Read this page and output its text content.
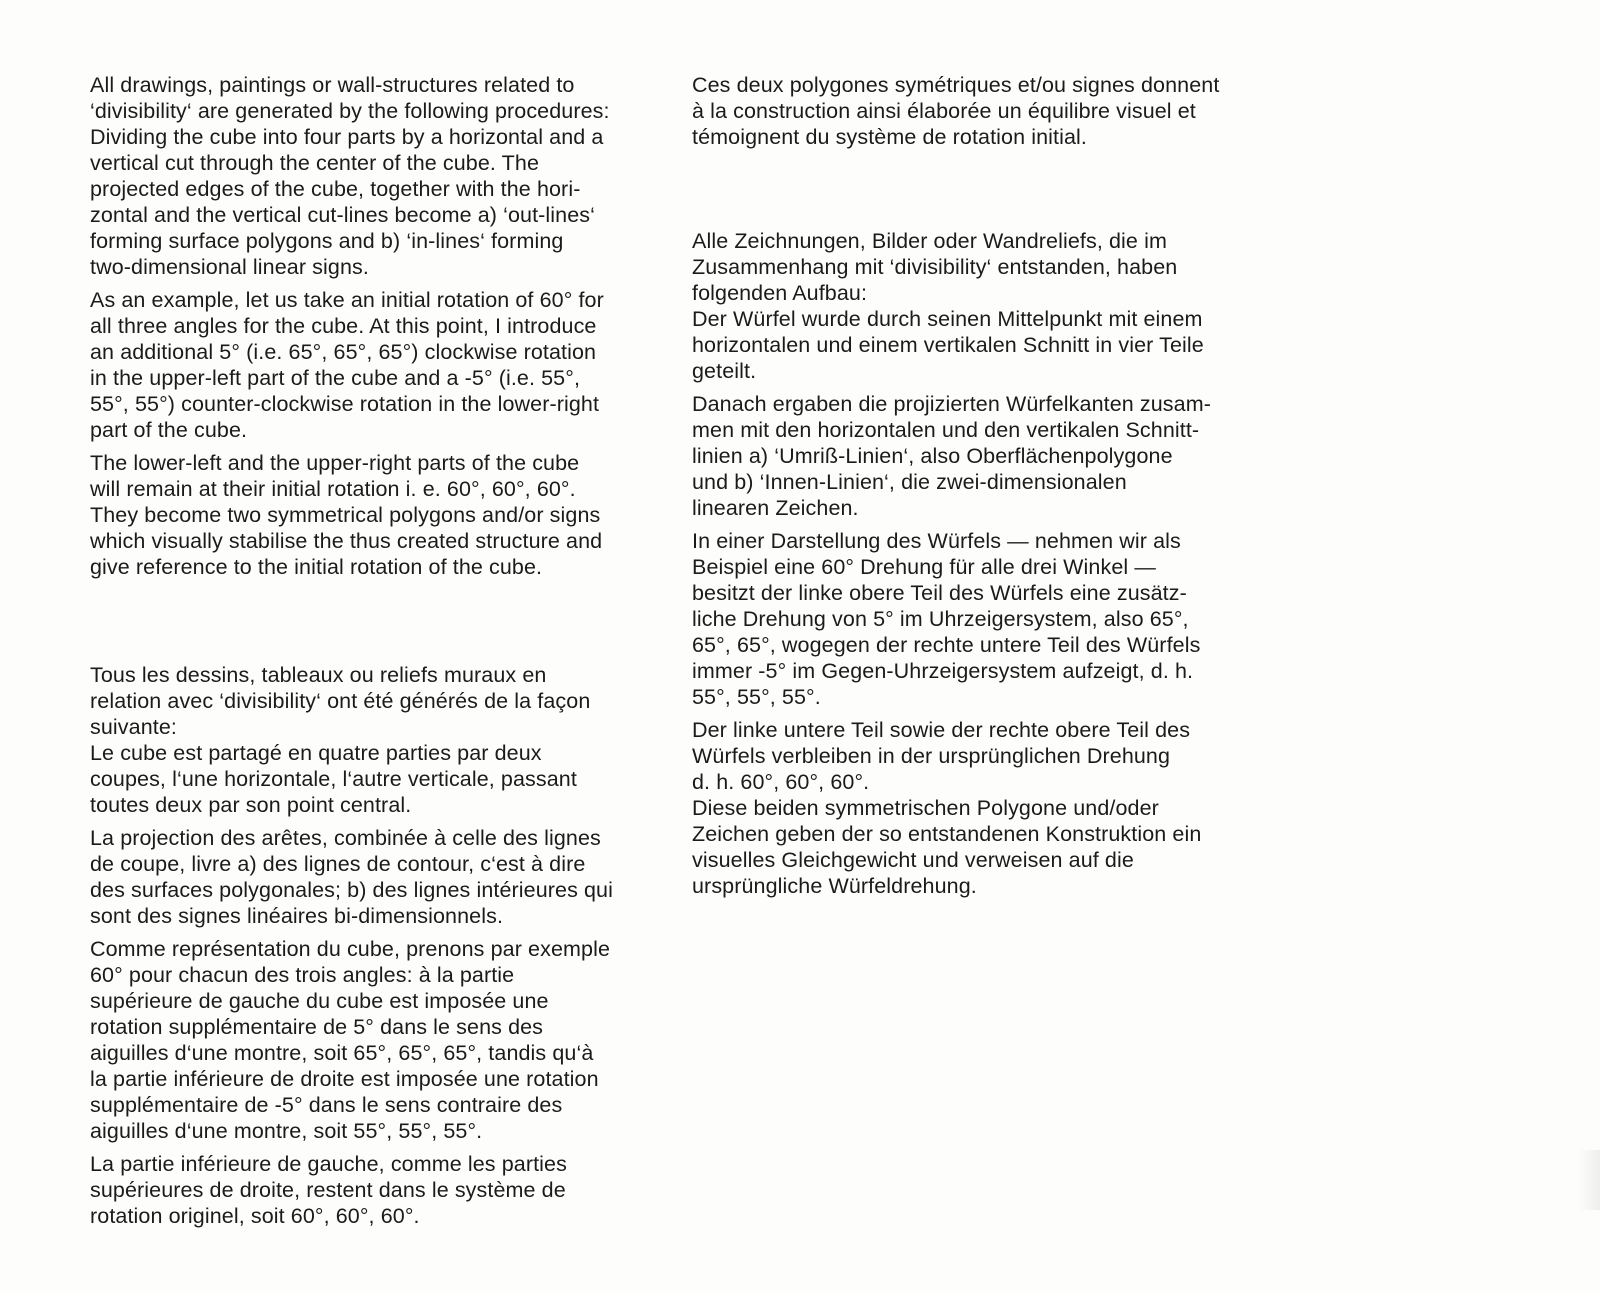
All drawings, paintings or wall-structures related to
‘divisibility‘ are generated by the following procedures:
Dividing the cube into four parts by a horizontal and a
vertical cut through the center of the cube. The
projected edges of the cube, together with the hori-
zontal and the vertical cut-lines become a) ‘out-lines‘
forming surface polygons and b) ‘in-lines‘ forming
two-dimensional linear signs.

As an example, let us take an initial rotation of 60° for
all three angles for the cube. At this point, I introduce
an additional 5° (i.e. 65°, 65°, 65°) clockwise rotation
in the upper-left part of the cube and a -5° (i.e. 55°,
55°, 55°) counter-clockwise rotation in the lower-right
part of the cube.

The lower-left and the upper-right parts of the cube
will remain at their initial rotation i. e. 60°, 60°, 60°.
They become two symmetrical polygons and/or signs
which visually stabilise the thus created structure and
give reference to the initial rotation of the cube.

Tous les dessins, tableaux ou reliefs muraux en
relation avec ‘divisibility‘ ont été générés de la façon
suivante:

Le cube est partagé en quatre parties par deux
coupes, l‘une horizontale, l‘autre verticale, passant
toutes deux par son point central.

La projection des arêtes, combinée à celle des lignes
de coupe, livre a) des lignes de contour, c‘est à dire
des surfaces polygonales; b) des lignes intérieures qui
sont des signes linéaires bi-dimensionnels.

Comme représentation du cube, prenons par exemple
60° pour chacun des trois angles: à la partie
supérieure de gauche du cube est imposée une
rotation supplémentaire de 5° dans le sens des
aiguilles d‘une montre, soit 65°, 65°, 65°, tandis qu‘à
la partie inférieure de droite est imposée une rotation
supplémentaire de -5° dans le sens contraire des
aiguilles d‘une montre, soit 55°, 55°, 55°.

La partie inférieure de gauche, comme les parties
supérieures de droite, restent dans le système de
rotation originel, soit 60°, 60°, 60°.

Ces deux polygones symétriques et/ou signes donnent
à la construction ainsi élaborée un équilibre visuel et
témoignent du système de rotation initial.

Alle Zeichnungen, Bilder oder Wandreliefs, die im
Zusammenhang mit ‘divisibility‘ entstanden, haben
folgenden Aufbau:

Der Würfel wurde durch seinen Mittelpunkt mit einem
horizontalen und einem vertikalen Schnitt in vier Teile
geteilt.

Danach ergaben die projizierten Würfelkanten zusam-
men mit den horizontalen und den vertikalen Schnitt-
linien a) ‘Umriß-Linien‘, also Oberflächenpolygone
und b) ‘Innen-Linien‘, die zwei-dimensionalen
linearen Zeichen.

In einer Darstellung des Würfels — nehmen wir als
Beispiel eine 60° Drehung für alle drei Winkel —
besitzt der linke obere Teil des Würfels eine zusätz-
liche Drehung von 5° im Uhrzeigersystem, also 65°,
65°, 65°, wogegen der rechte untere Teil des Würfels
immer -5° im Gegen-Uhrzeigersystem aufzeigt, d. h.
55°, 55°, 55°.

Der linke untere Teil sowie der rechte obere Teil des
Würfels verbleiben in der ursprünglichen Drehung
d. h. 60°, 60°, 60°.

Diese beiden symmetrischen Polygone und/oder
Zeichen geben der so entstandenen Konstruktion ein
visuelles Gleichgewicht und verweisen auf die
ursprüngliche Würfeldrehung.
